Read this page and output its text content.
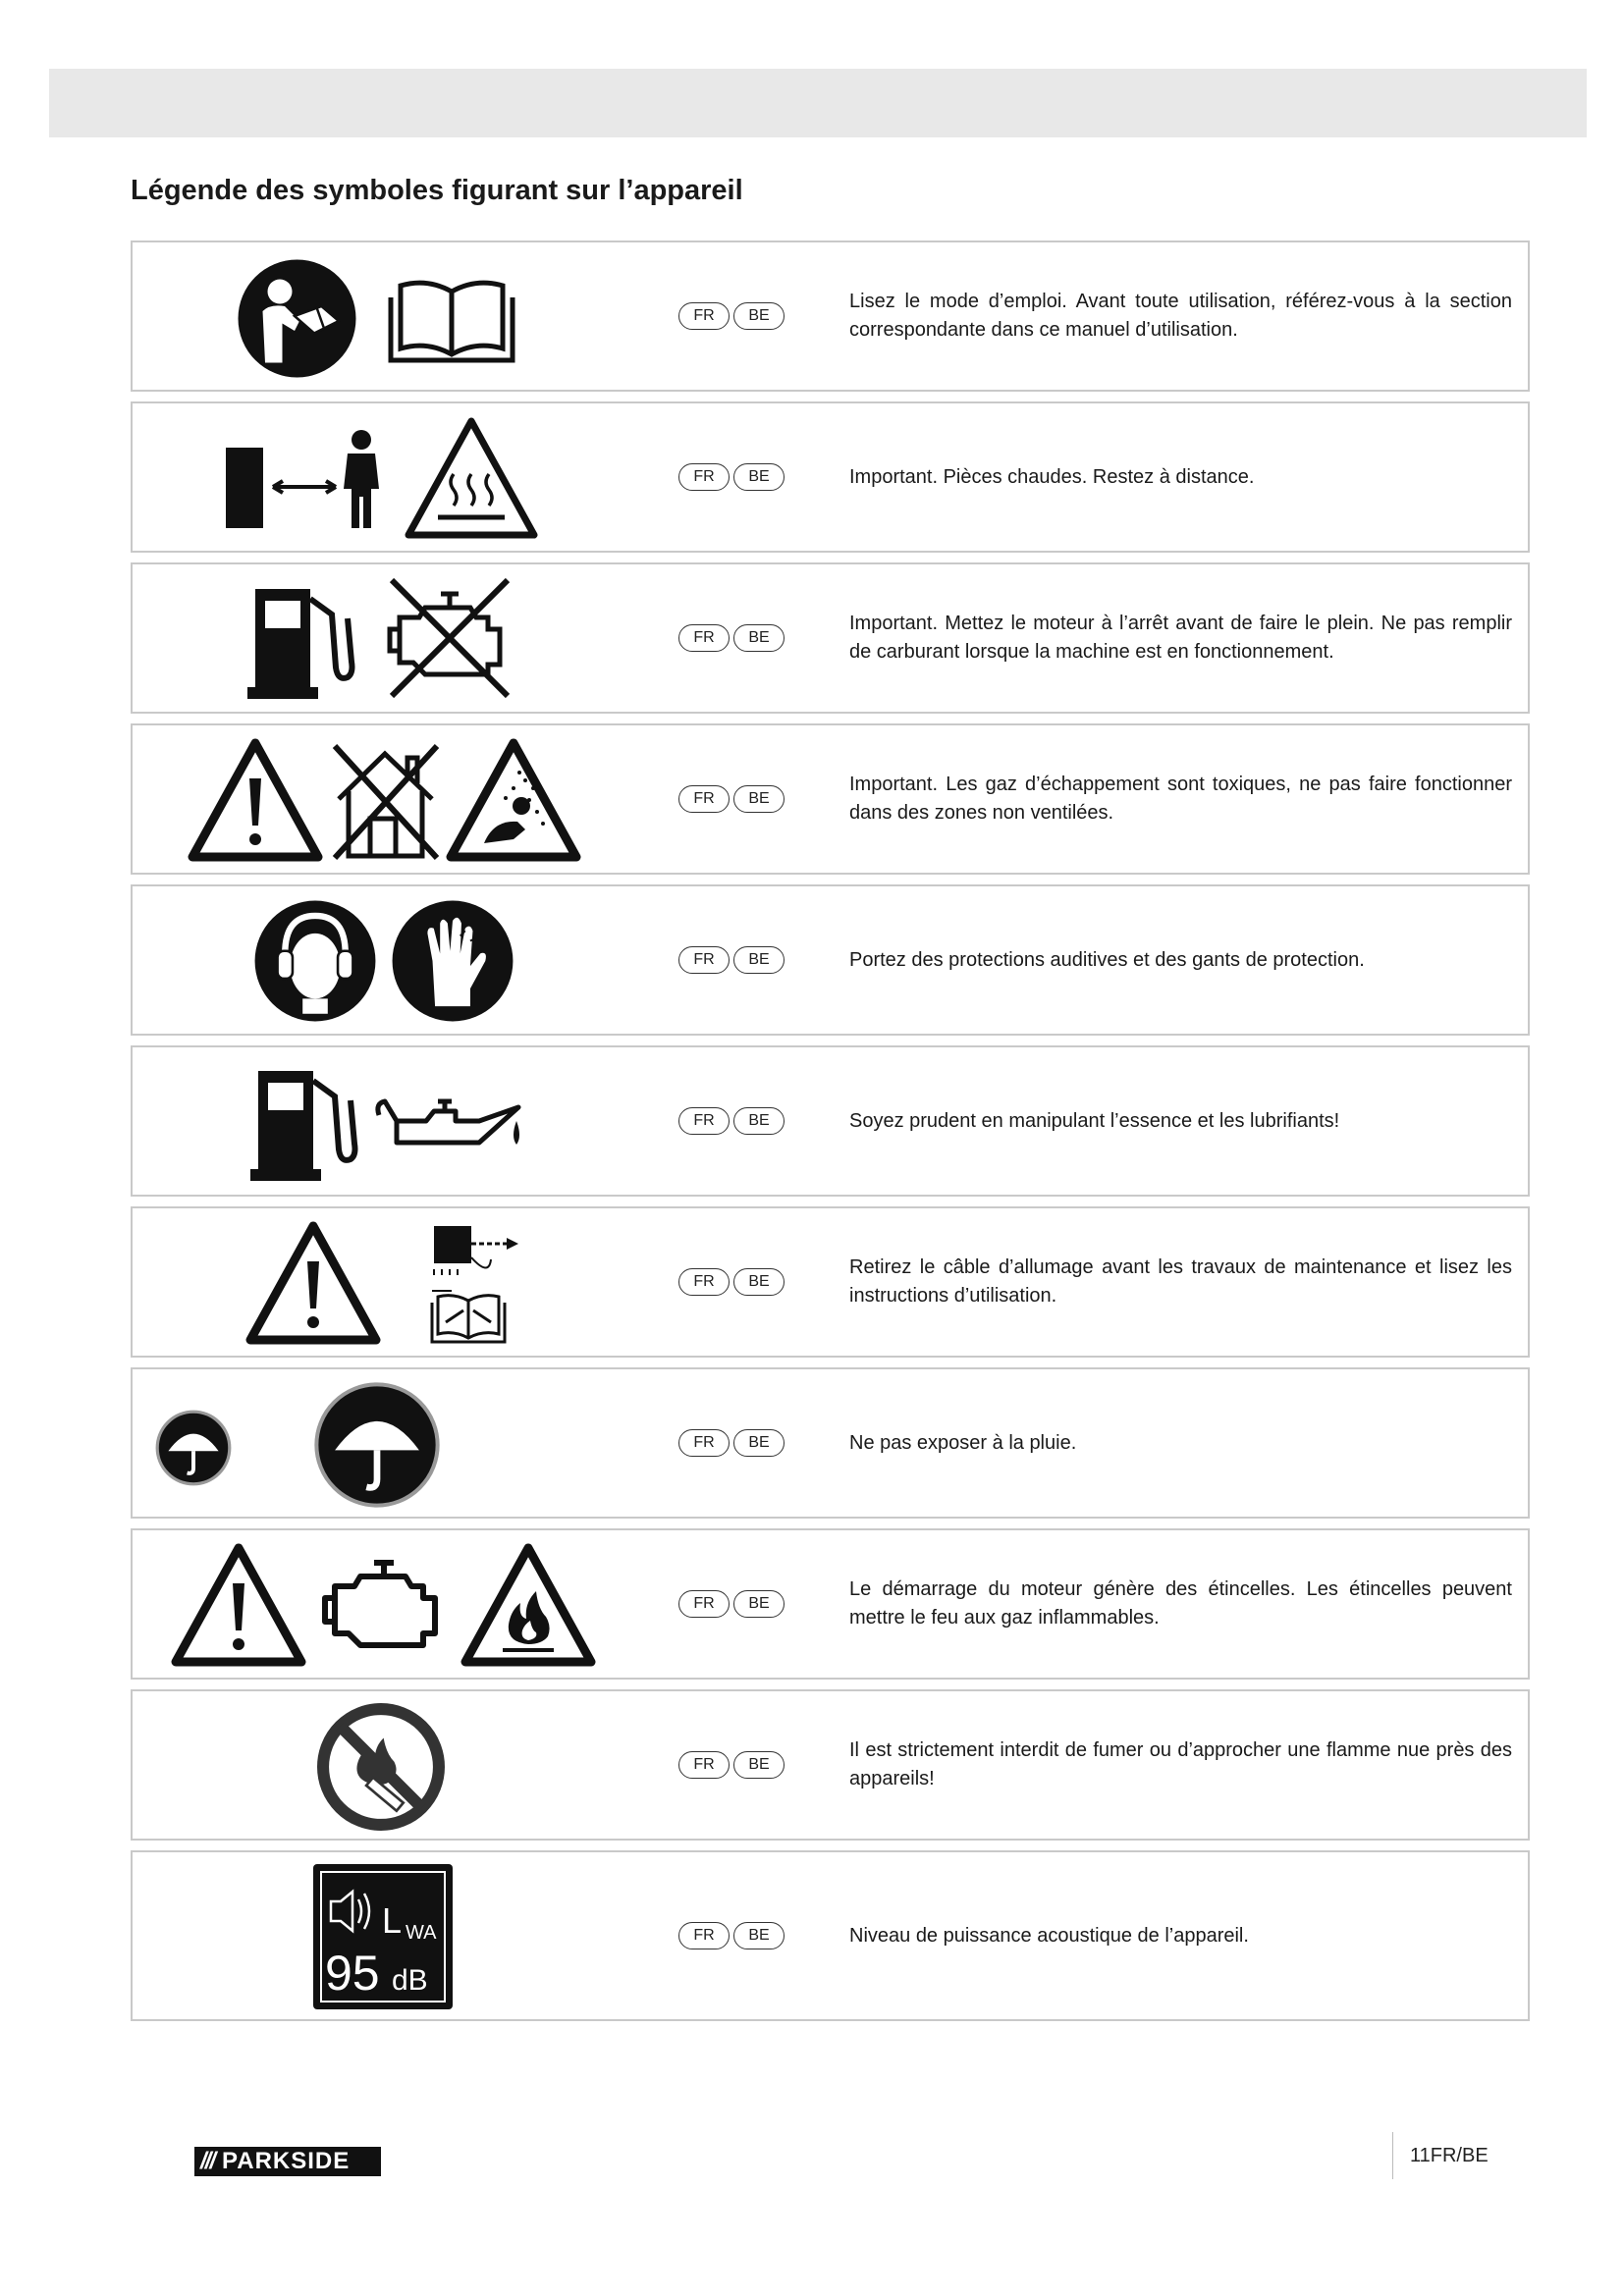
Légende des symboles figurant sur l’appareil
FR	BE
Lisez le mode d’emploi. Avant toute utilisation, référez-vous à la section correspondante dans ce manuel d’utilisation.
FR	BE	Important. Pièces chaudes. Restez à distance.
FR	BE
Important. Mettez le moteur à l’arrêt avant de faire le plein. Ne pas remplir de carburant lorsque la machine est en fonctionnement.
FR	BE
Important. Les gaz d’échappement sont toxiques, ne pas faire fonctionner dans des zones non ventilées.
FR	BE	Portez des protections auditives et des gants de protection.
FR	BE	Soyez prudent en manipulant l’essence et les lubrifiants!
FR	BE
Retirez le câble d’allumage avant les travaux de maintenance et lisez les instructions d’utilisation.
FR	BE	Ne pas exposer à la pluie.
FR	BE
Le démarrage du moteur génère des étincelles. Les étincelles peuvent mettre le feu aux gaz inflammables.
FR	BE
Il est strictement interdit de fumer ou d’approcher une flamme nue près des appareils!
L WA
95 dB
FR	BE	Niveau de puissance acoustique de l’appareil.
/// PARKSIDE	11FR/BE
